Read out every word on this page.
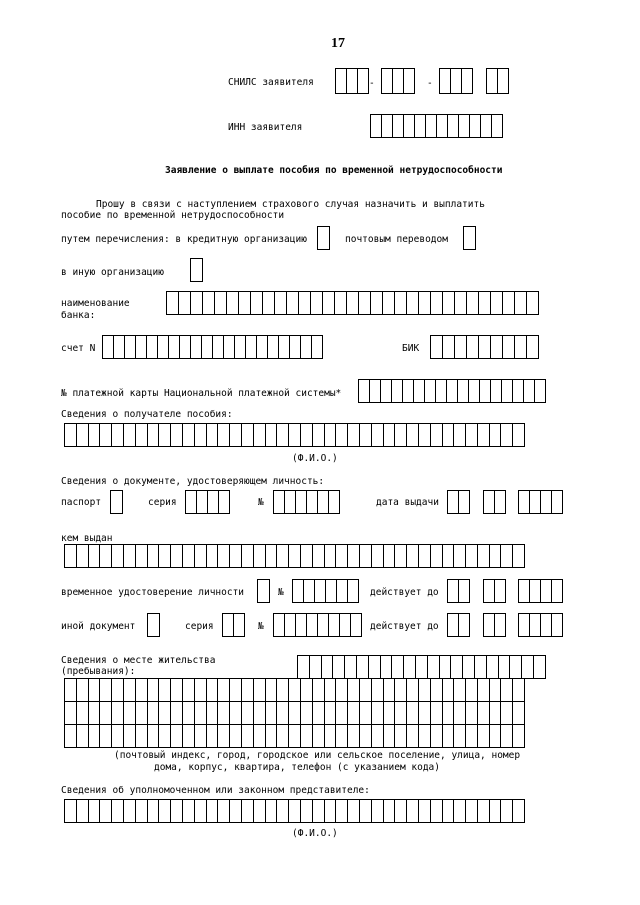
17
СНИЛС заявителя	-	-
ИНН заявителя
Заявление о выплате пособия по временной нетрудоспособности
Прошу в связи с наступлением страхового случая назначить и выплатить
пособие по временной нетрудоспособности
путем перечисления: в кредитную организацию	почтовым переводом
в иную организацию
наименование
банка:
счет N	БИК
№ платежной карты Национальной платежной системы*
Сведения о получателе пособия:
(Ф.И.О.)
Сведения о документе, удостоверяющем личность:
паспорт	серия	№	дата выдачи
кем выдан
временное удостоверение личности	№	действует до
иной документ	серия	№	действует до
Сведения о месте жительства
(пребывания):
(почтовый индекс, город, городское или сельское поселение, улица, номер
дома, корпус, квартира, телефон (с указанием кода)
Сведения об уполномоченном или законном представителе:
(Ф.И.О.)
